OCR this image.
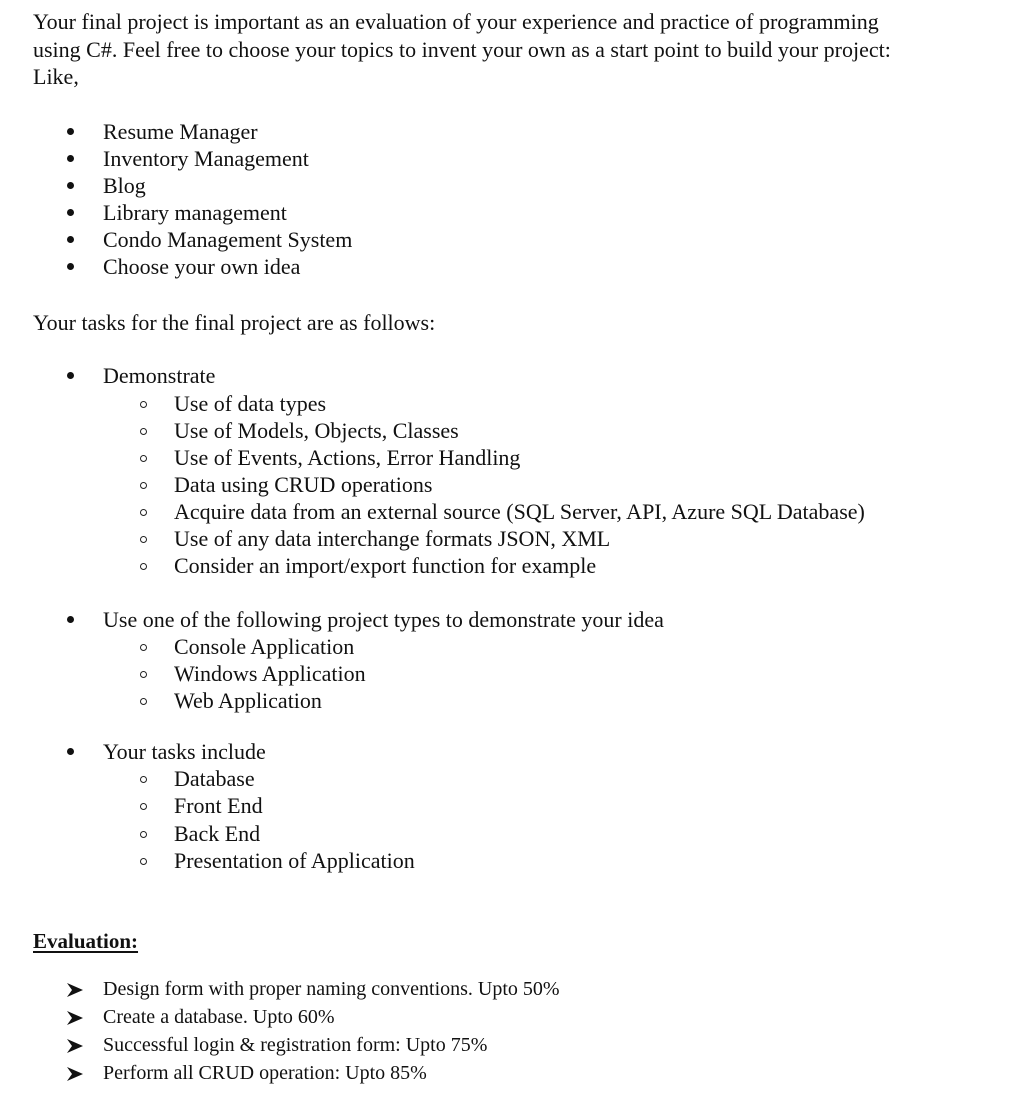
Your final project is important as an evaluation of your experience and practice of programming
using C#. Feel free to choose your topics to invent your own as a start point to build your project:
Like,
Resume Manager
Inventory Management
Blog
Library management
Condo Management System
Choose your own idea
Your tasks for the final project are as follows:
Demonstrate
Use of data types
Use of Models, Objects, Classes
Use of Events, Actions, Error Handling
Data using CRUD operations
Acquire data from an external source (SQL Server, API, Azure SQL Database)
Use of any data interchange formats JSON, XML
Consider an import/export function for example
Use one of the following project types to demonstrate your idea
Console Application
Windows Application
Web Application
Your tasks include
Database
Front End
Back End
Presentation of Application
Evaluation:
Design form with proper naming conventions. Upto 50%
Create a database. Upto 60%
Successful login & registration form: Upto 75%
Perform all CRUD operation: Upto 85%
